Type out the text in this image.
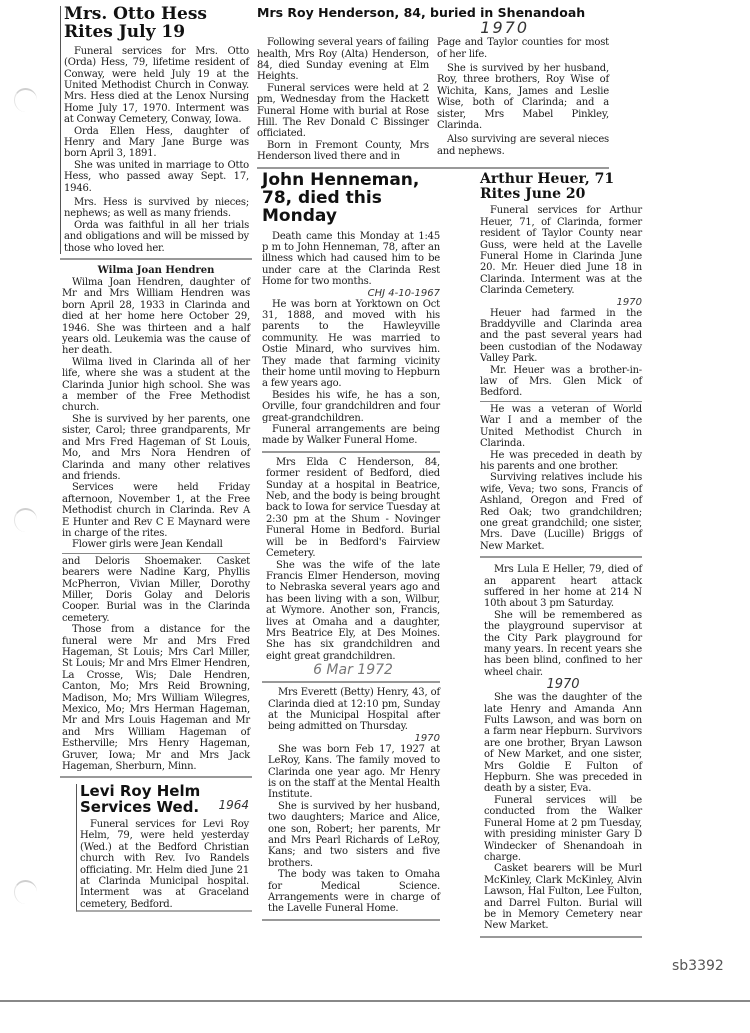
Mrs. Otto Hess Rites July 19

Funeral services for Mrs. Otto (Orda) Hess, 79, lifetime resident of Conway, were held July 19 at the United Methodist Church in Conway. Mrs. Hess died at the Lenox Nursing Home July 17, 1970. Interment was at Conway Cemetery, Conway, Iowa.

Orda Ellen Hess, daughter of Henry and Mary Jane Burge was born April 3, 1891.

She was united in marriage to Otto Hess, who passed away Sept. 17, 1946.

Mrs. Hess is survived by nieces; nephews; as well as many friends.

Orda was faithful in all her trials and obligations and will be missed by those who loved her.

Wilma Joan Hendren

Wilma Joan Hendren, daughter of Mr and Mrs William Hendren was born April 28, 1933 in Clarinda and died at her home here October 29, 1946. She was thirteen and a half years old. Leukemia was the cause of her death.

Wilma lived in Clarinda all of her life, where she was a student at the Clarinda Junior high school. She was a member of the Free Methodist church.

She is survived by her parents, one sister, Carol; three grandparents, Mr and Mrs Fred Hageman of St Louis, Mo, and Mrs Nora Hendren of Clarinda and many other relatives and friends.

Services were held Friday afternoon, November 1, at the Free Methodist church in Clarinda. Rev A E Hunter and Rev C E Maynard were in charge of the rites.

Flower girls were Jean Kendall

and Deloris Shoemaker. Casket bearers were Nadine Karg, Phyllis McPherron, Vivian Miller, Dorothy Miller, Doris Golay and Deloris Cooper. Burial was in the Clarinda cemetery.

Those from a distance for the funeral were Mr and Mrs Fred Hageman, St Louis; Mrs Carl Miller, St Louis; Mr and Mrs Elmer Hendren, La Crosse, Wis; Dale Hendren, Canton, Mo; Mrs Reid Browning, Madison, Mo; Mrs William Wilegres, Mexico, Mo; Mrs Herman Hageman, Mr and Mrs Louis Hageman and Mr and Mrs William Hageman of Estherville; Mrs Henry Hageman, Gruver, Iowa; Mr and Mrs Jack Hageman, Sherburn, Minn.

Levi Roy Helm Services Wed.	1964

Funeral services for Levi Roy Helm, 79, were held yesterday (Wed.) at the Bedford Christian church with Rev. Ivo Randels officiating. Mr. Helm died June 21 at Clarinda Municipal hospital. Interment was at Graceland cemetery, Bedford.

Mrs Roy Henderson, 84, buried in Shenandoah
1970

Following several years of failing health, Mrs Roy (Alta) Henderson, 84, died Sunday evening at Elm Heights.

Funeral services were held at 2 pm, Wednesday from the Hackett Funeral Home with burial at Rose Hill. The Rev Donald C Bissinger officiated.

Born in Fremont County, Mrs Henderson lived there and in

Page and Taylor counties for most of her life.

She is survived by her husband, Roy, three brothers, Roy Wise of Wichita, Kans, James and Leslie Wise, both of Clarinda; and a sister, Mrs Mabel Pinkley, Clarinda.

Also surviving are several nieces and nephews.

John Henneman, 78, died this Monday

Death came this Monday at 1:45 p m to John Henneman, 78, after an illness which had caused him to be under care at the Clarinda Rest Home for two months.

CHJ 4-10-1967

He was born at Yorktown on Oct 31, 1888, and moved with his parents to the Hawleyville community. He was married to Ostie Minard, who survives him. They made that farming vicinity their home until moving to Hepburn a few years ago.

Besides his wife, he has a son, Orville, four grandchildren and four great-grandchildren.

Funeral arrangements are being made by Walker Funeral Home.

Mrs Elda C Henderson, 84, former resident of Bedford, died Sunday at a hospital in Beatrice, Neb, and the body is being brought back to Iowa for service Tuesday at 2:30 pm at the Shum - Novinger Funeral Home in Bedford. Burial will be in Bedford's Fairview Cemetery.

She was the wife of the late Francis Elmer Henderson, moving to Nebraska several years ago and has been living with a son, Wilbur, at Wymore. Another son, Francis, lives at Omaha and a daughter, Mrs Beatrice Ely, at Des Moines. She has six grandchildren and eight great grandchildren.

6 Mar 1972

Mrs Everett (Betty) Henry, 43, of Clarinda died at 12:10 pm, Sunday at the Municipal Hospital after being admitted on Thursday.

1970

She was born Feb 17, 1927 at LeRoy, Kans. The family moved to Clarinda one year ago. Mr Henry is on the staff at the Mental Health Institute.

She is survived by her husband, two daughters; Marice and Alice, one son, Robert; her parents, Mr and Mrs Pearl Richards of LeRoy, Kans; and two sisters and five brothers.

The body was taken to Omaha for Medical Science. Arrangements were in charge of the Lavelle Funeral Home.

Arthur Heuer, 71 Rites June 20

Funeral services for Arthur Heuer, 71, of Clarinda, former resident of Taylor County near Guss, were held at the Lavelle Funeral Home in Clarinda June 20. Mr. Heuer died June 18 in Clarinda. Interment was at the Clarinda Cemetery.

1970

Heuer had farmed in the Braddyville and Clarinda area and the past several years had been custodian of the Nodaway Valley Park.

Mr. Heuer was a brother-in-law of Mrs. Glen Mick of Bedford.

He was a veteran of World War I and a member of the United Methodist Church in Clarinda.

He was preceded in death by his parents and one brother.

Surviving relatives include his wife, Veva; two sons, Francis of Ashland, Oregon and Fred of Red Oak; two grandchildren; one great grandchild; one sister, Mrs. Dave (Lucille) Briggs of New Market.

Mrs Lula E Heller, 79, died of an apparent heart attack suffered in her home at 214 N 10th about 3 pm Saturday.

She will be remembered as the playground supervisor at the City Park playground for many years. In recent years she has been blind, confined to her wheel chair.

1970

She was the daughter of the late Henry and Amanda Ann Fults Lawson, and was born on a farm near Hepburn. Survivors are one brother, Bryan Lawson of New Market, and one sister, Mrs Goldie E Fulton of Hepburn. She was preceded in death by a sister, Eva.

Funeral services will be conducted from the Walker Funeral Home at 2 pm Tuesday, with presiding minister Gary D Windecker of Shenandoah in charge.

Casket bearers will be Murl McKinley, Clark McKinley, Alvin Lawson, Hal Fulton, Lee Fulton, and Darrel Fulton. Burial will be in Memory Cemetery near New Market.

sb3392
